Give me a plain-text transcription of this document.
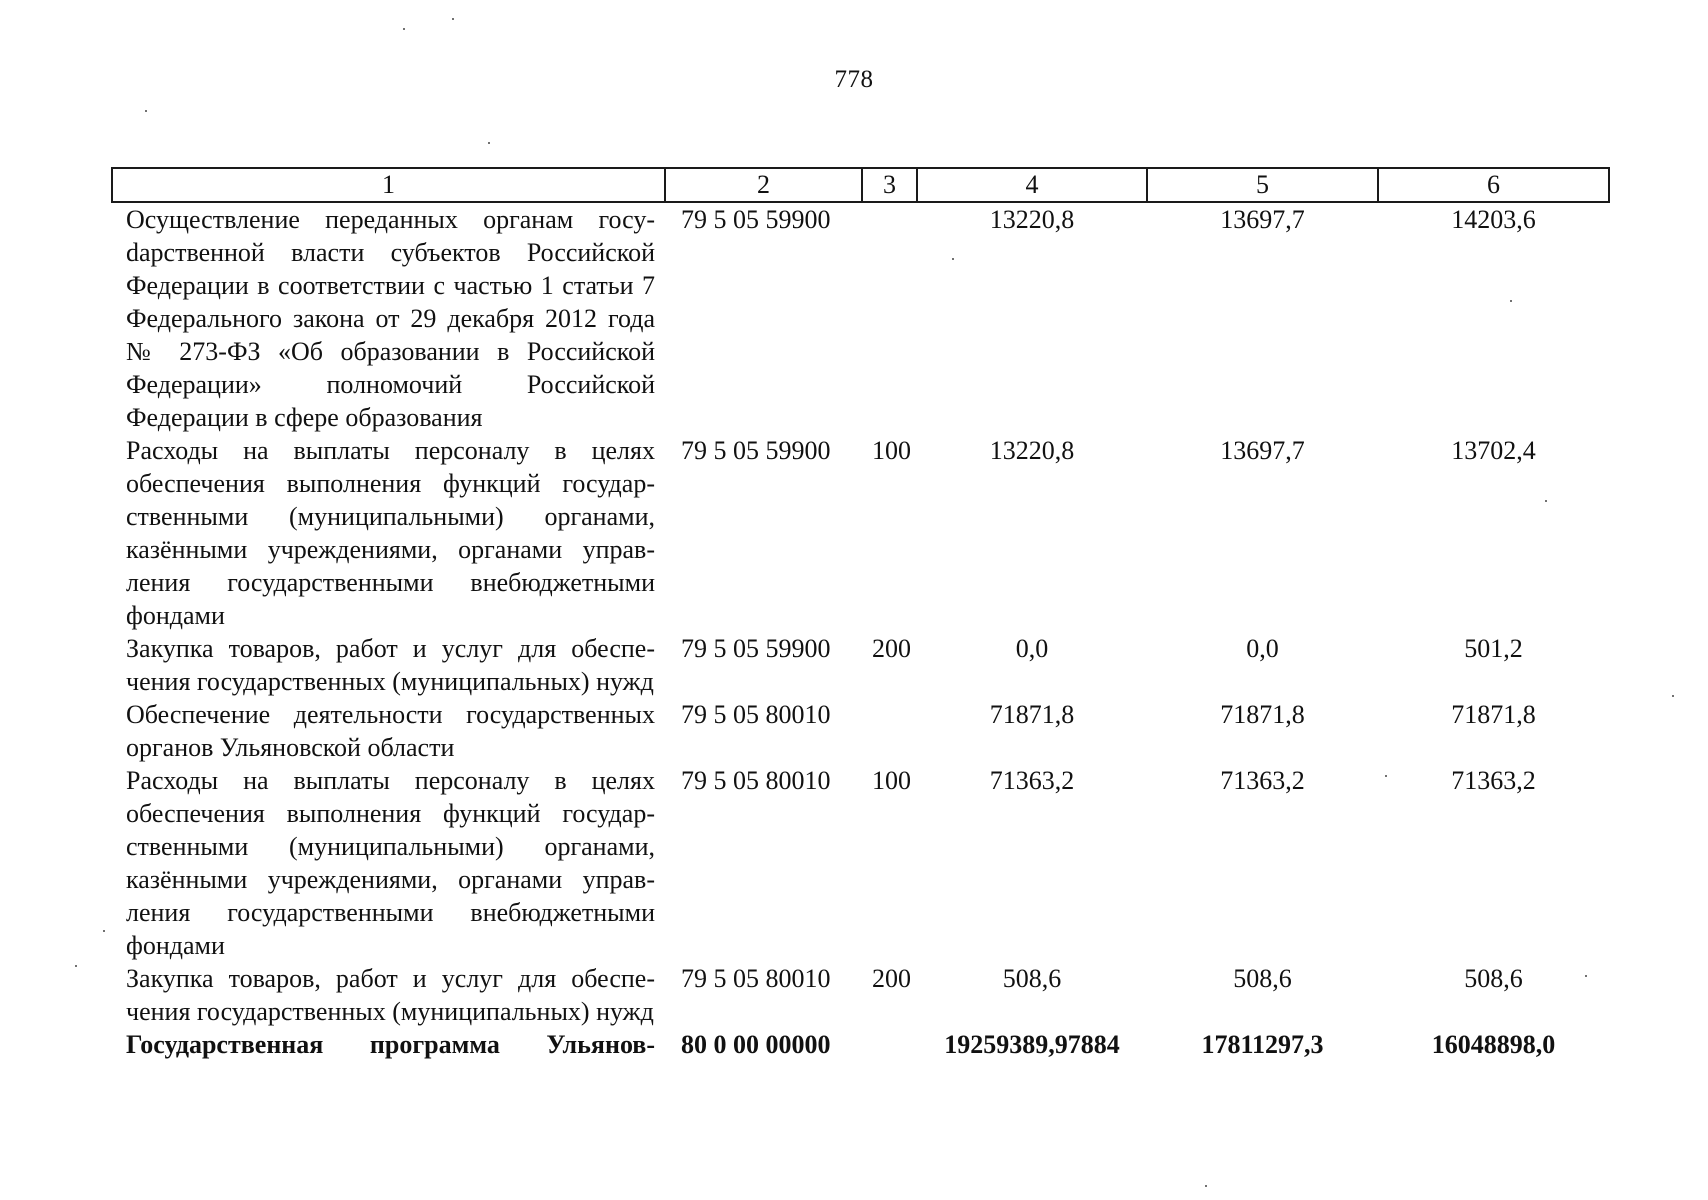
778
1	2	3	4	5	6
Осуществление переданных органам госуdарственной власти субъектов Российской Федерации в соответствии с частью 1 статьи 7 Федерального закона от 29 декабря 2012 года № 273-ФЗ «Об образовании в Российской Федерации» полномочий Российской Федерации в сфере образования	79 5 05 59900		13220,8	13697,7	14203,6
Расходы на выплаты персоналу в целях обеспечения выполнения функций государственными (муниципальными) органами, казёнными учреждениями, органами управления государственными внебюджетными фондами	79 5 05 59900	100	13220,8	13697,7	13702,4
Закупка товаров, работ и услуг для обеспечения государственных (муниципальных) нужд	79 5 05 59900	200	0,0	0,0	501,2
Обеспечение деятельности государственных органов Ульяновской области	79 5 05 80010		71871,8	71871,8	71871,8
Расходы на выплаты персоналу в целях обеспечения выполнения функций государственными (муниципальными) органами, казёнными учреждениями, органами управления государственными внебюджетными фондами	79 5 05 80010	100	71363,2	71363,2	71363,2
Закупка товаров, работ и услуг для обеспечения государственных (муниципальных) нужд	79 5 05 80010	200	508,6	508,6	508,6
Государственная программа Ульянов-	80 0 00 00000		19259389,97884	17811297,3	16048898,0
